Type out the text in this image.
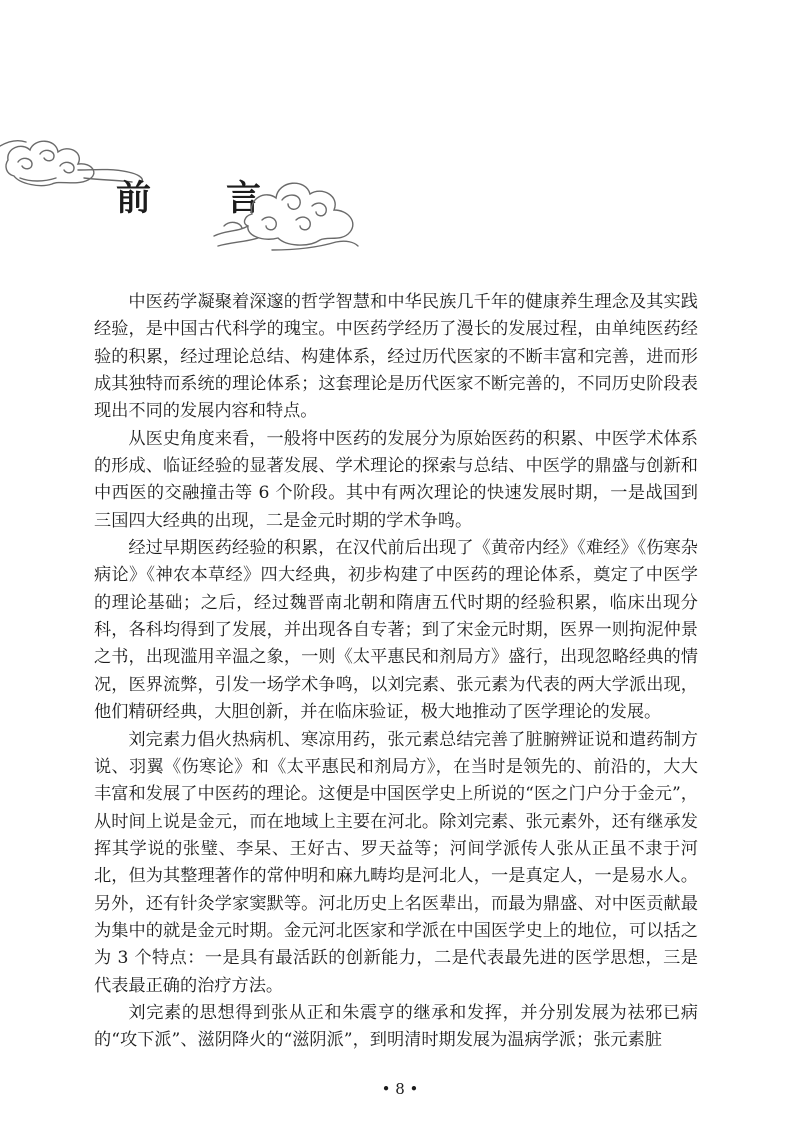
前　言

中医药学凝聚着深邃的哲学智慧和中华民族几千年的健康养生理念及其实践经验，是中国古代科学的瑰宝。中医药学经历了漫长的发展过程，由单纯医药经验的积累，经过理论总结、构建体系，经过历代医家的不断丰富和完善，进而形成其独特而系统的理论体系；这套理论是历代医家不断完善的，不同历史阶段表现出不同的发展内容和特点。

从医史角度来看，一般将中医药的发展分为原始医药的积累、中医学术体系的形成、临证经验的显著发展、学术理论的探索与总结、中医学的鼎盛与创新和中西医的交融撞击等 6 个阶段。其中有两次理论的快速发展时期，一是战国到三国四大经典的出现，二是金元时期的学术争鸣。

经过早期医药经验的积累，在汉代前后出现了《黄帝内经》《难经》《伤寒杂病论》《神农本草经》四大经典，初步构建了中医药的理论体系，奠定了中医学的理论基础；之后，经过魏晋南北朝和隋唐五代时期的经验积累，临床出现分科，各科均得到了发展，并出现各自专著；到了宋金元时期，医界一则拘泥仲景之书，出现滥用辛温之象，一则《太平惠民和剂局方》盛行，出现忽略经典的情况，医界流弊，引发一场学术争鸣，以刘完素、张元素为代表的两大学派出现，他们精研经典，大胆创新，并在临床验证，极大地推动了医学理论的发展。

刘完素力倡火热病机、寒凉用药，张元素总结完善了脏腑辨证说和遣药制方说、羽翼《伤寒论》和《太平惠民和剂局方》，在当时是领先的、前沿的，大大丰富和发展了中医药的理论。这便是中国医学史上所说的“医之门户分于金元”，从时间上说是金元，而在地域上主要在河北。除刘完素、张元素外，还有继承发挥其学说的张璧、李杲、王好古、罗天益等；河间学派传人张从正虽不隶于河北，但为其整理著作的常仲明和麻九畴均是河北人，一是真定人，一是易水人。另外，还有针灸学家窦默等。河北历史上名医辈出，而最为鼎盛、对中医贡献最为集中的就是金元时期。金元河北医家和学派在中国医学史上的地位，可以括之为 3 个特点：一是具有最活跃的创新能力，二是代表最先进的医学思想，三是代表最正确的治疗方法。

刘完素的思想得到张从正和朱震亨的继承和发挥，并分别发展为祛邪已病的“攻下派”、滋阴降火的“滋阴派”，到明清时期发展为温病学派；张元素脏

• 8 •
